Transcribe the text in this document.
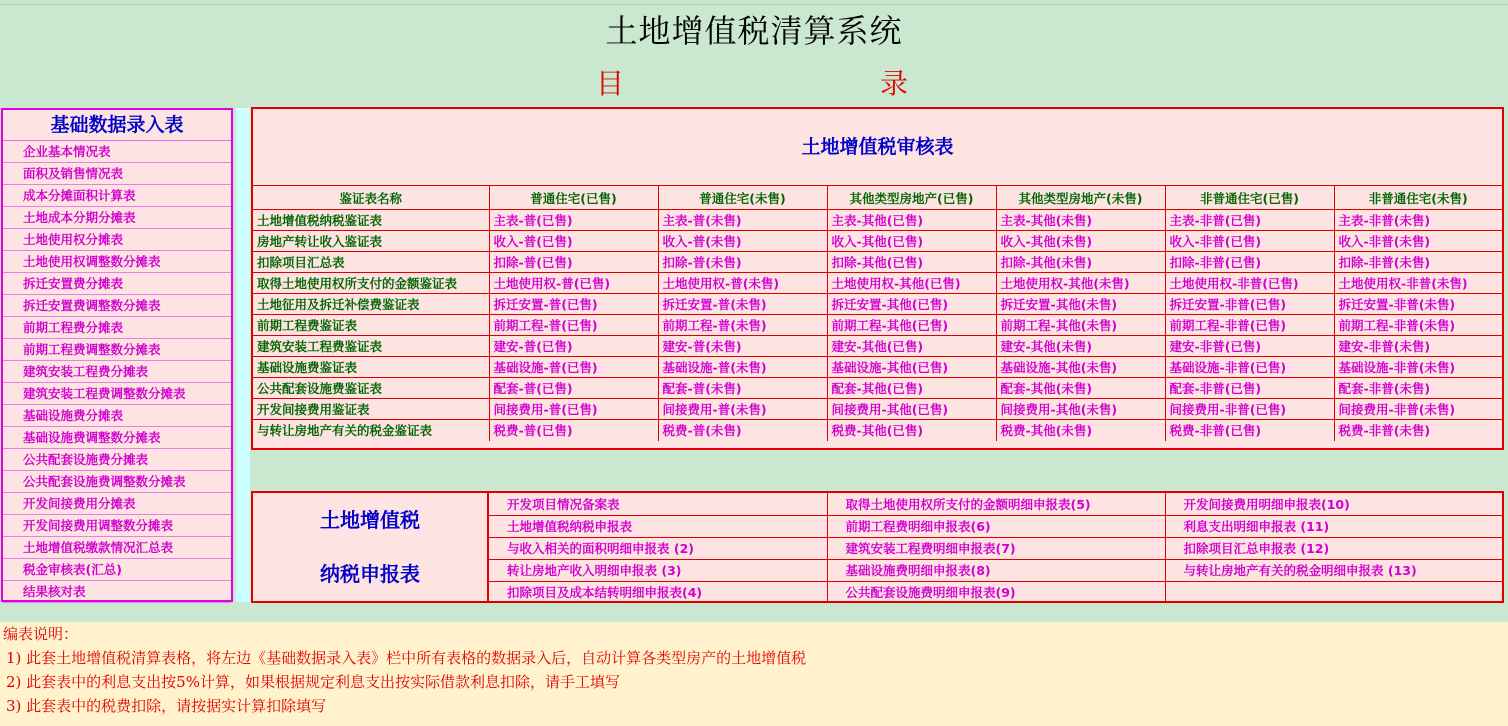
土地增值税清算系统
目	录
基础数据录入表
企业基本情况表
面积及销售情况表
成本分摊面积计算表
土地成本分期分摊表
土地使用权分摊表
土地使用权调整数分摊表
拆迁安置费分摊表
拆迁安置费调整数分摊表
前期工程费分摊表
前期工程费调整数分摊表
建筑安装工程费分摊表
建筑安装工程费调整数分摊表
基础设施费分摊表
基础设施费调整数分摊表
公共配套设施费分摊表
公共配套设施费调整数分摊表
开发间接费用分摊表
开发间接费用调整数分摊表
土地增值税缴款情况汇总表
税金审核表(汇总)
结果核对表
土地增值税审核表
鉴证表名称	普通住宅(已售)	普通住宅(未售)	其他类型房地产(已售)	其他类型房地产(未售)	非普通住宅(已售)	非普通住宅(未售)
土地增值税纳税鉴证表	主表-普(已售)	主表-普(未售)	主表-其他(已售)	主表-其他(未售)	主表-非普(已售)	主表-非普(未售)
房地产转让收入鉴证表	收入-普(已售)	收入-普(未售)	收入-其他(已售)	收入-其他(未售)	收入-非普(已售)	收入-非普(未售)
扣除项目汇总表	扣除-普(已售)	扣除-普(未售)	扣除-其他(已售)	扣除-其他(未售)	扣除-非普(已售)	扣除-非普(未售)
取得土地使用权所支付的金额鉴证表	土地使用权-普(已售)	土地使用权-普(未售)	土地使用权-其他(已售)	土地使用权-其他(未售)	土地使用权-非普(已售)	土地使用权-非普(未售)
土地征用及拆迁补偿费鉴证表	拆迁安置-普(已售)	拆迁安置-普(未售)	拆迁安置-其他(已售)	拆迁安置-其他(未售)	拆迁安置-非普(已售)	拆迁安置-非普(未售)
前期工程费鉴证表	前期工程-普(已售)	前期工程-普(未售)	前期工程-其他(已售)	前期工程-其他(未售)	前期工程-非普(已售)	前期工程-非普(未售)
建筑安装工程费鉴证表	建安-普(已售)	建安-普(未售)	建安-其他(已售)	建安-其他(未售)	建安-非普(已售)	建安-非普(未售)
基础设施费鉴证表	基础设施-普(已售)	基础设施-普(未售)	基础设施-其他(已售)	基础设施-其他(未售)	基础设施-非普(已售)	基础设施-非普(未售)
公共配套设施费鉴证表	配套-普(已售)	配套-普(未售)	配套-其他(已售)	配套-其他(未售)	配套-非普(已售)	配套-非普(未售)
开发间接费用鉴证表	间接费用-普(已售)	间接费用-普(未售)	间接费用-其他(已售)	间接费用-其他(未售)	间接费用-非普(已售)	间接费用-非普(未售)
与转让房地产有关的税金鉴证表	税费-普(已售)	税费-普(未售)	税费-其他(已售)	税费-其他(未售)	税费-非普(已售)	税费-非普(未售)
土地增值税
纳税申报表
开发项目情况备案表	取得土地使用权所支付的金额明细申报表(5)	开发间接费用明细申报表(10)
土地增值税纳税申报表	前期工程费明细申报表(6)	利息支出明细申报表 (11)
与收入相关的面积明细申报表 (2)	建筑安装工程费明细申报表(7)	扣除项目汇总申报表 (12)
转让房地产收入明细申报表 (3)	基础设施费明细申报表(8)	与转让房地产有关的税金明细申报表 (13)
扣除项目及成本结转明细申报表(4)	公共配套设施费明细申报表(9)	
编表说明：
1) 此套土地增值税清算表格，将左边《基础数据录入表》栏中所有表格的数据录入后，自动计算各类型房产的土地增值税
2) 此套表中的利息支出按5%计算，如果根据规定利息支出按实际借款利息扣除，请手工填写
3) 此套表中的税费扣除，请按据实计算扣除填写
